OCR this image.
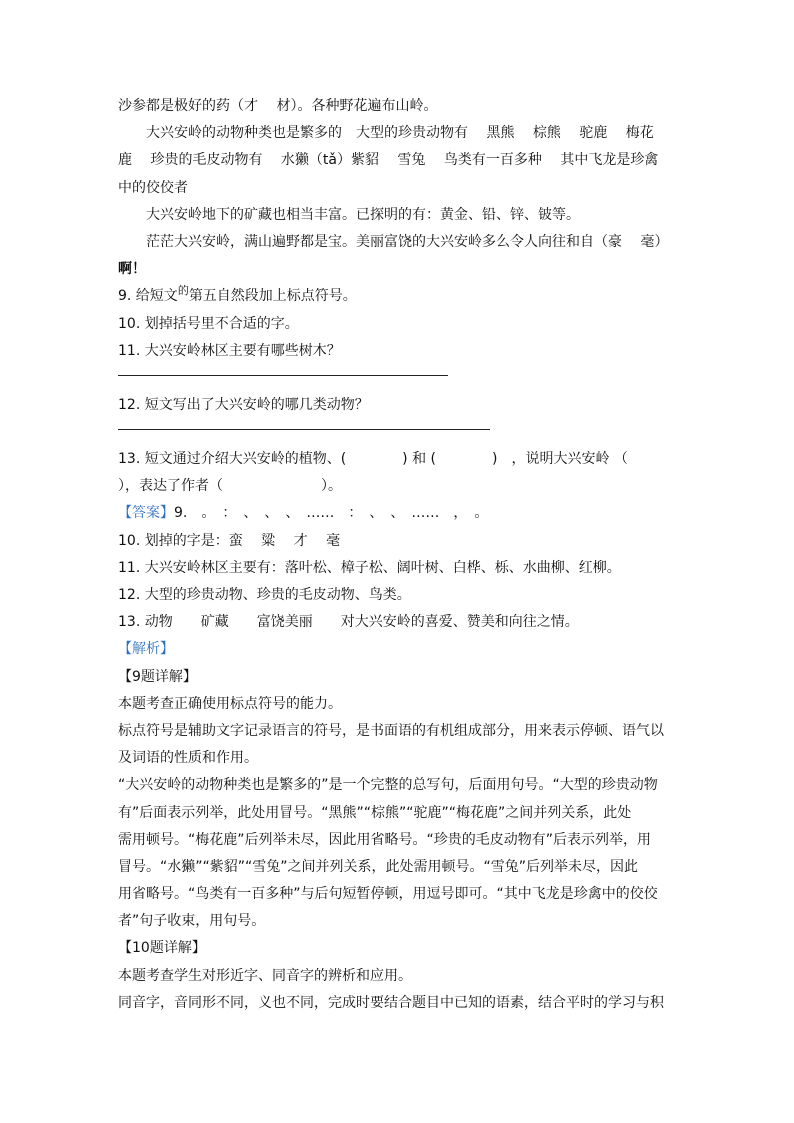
沙参都是极好的药（才　 材）。各种野花遍布山岭。
大兴安岭的动物种类也是繁多的　大型的珍贵动物有　 黑熊　 棕熊　 驼鹿　 梅花
鹿　 珍贵的毛皮动物有　 水獭（tǎ）紫貂　 雪兔　 鸟类有一百多种　 其中飞龙是珍禽
中的佼佼者
大兴安岭地下的矿藏也相当丰富。已探明的有：黄金、铅、锌、铍等。
茫茫大兴安岭，满山遍野都是宝。美丽富饶的大兴安岭多么令人向往和自（豪　 毫）
啊！
9. 给短文$^的$第五自然段加上标点符号。
10. 划掉括号里不合适的字。
11. 大兴安岭林区主要有哪些树木？
12. 短文写出了大兴安岭的哪几类动物？
13. 短文通过介绍大兴安岭的植物、(　　　　) 和 (　　　　)　，说明大兴安岭 （
），表达了作者（　　　　　　　）。
【答案】9.　。　：　、　、　、　……　：　、　、　……　，　。
10. 划掉的字是：蛮　 粱　 才　 毫
11. 大兴安岭林区主要有：落叶松、樟子松、阔叶树、白桦、栎、水曲柳、红柳。
12. 大型的珍贵动物、珍贵的毛皮动物、鸟类。
13. 动物　　矿藏　　富饶美丽　　对大兴安岭的喜爱、赞美和向往之情。
【解析】
【9题详解】
本题考查正确使用标点符号的能力。
标点符号是辅助文字记录语言的符号，是书面语的有机组成部分，用来表示停顿、语气以
及词语的性质和作用。
“大兴安岭的动物种类也是繁多的”是一个完整的总写句，后面用句号。“大型的珍贵动物
有”后面表示列举，此处用冒号。“黑熊”“棕熊”“驼鹿”“梅花鹿”之间并列关系，此处
需用顿号。“梅花鹿”后列举未尽，因此用省略号。“珍贵的毛皮动物有”后表示列举，用
冒号。“水獭”“紫貂”“雪兔”之间并列关系，此处需用顿号。“雪兔”后列举未尽，因此
用省略号。“鸟类有一百多种”与后句短暂停顿，用逗号即可。“其中飞龙是珍禽中的佼佼
者”句子收束，用句号。
【10题详解】
本题考查学生对形近字、同音字的辨析和应用。
同音字，音同形不同，义也不同，完成时要结合题目中已知的语素，结合平时的学习与积
